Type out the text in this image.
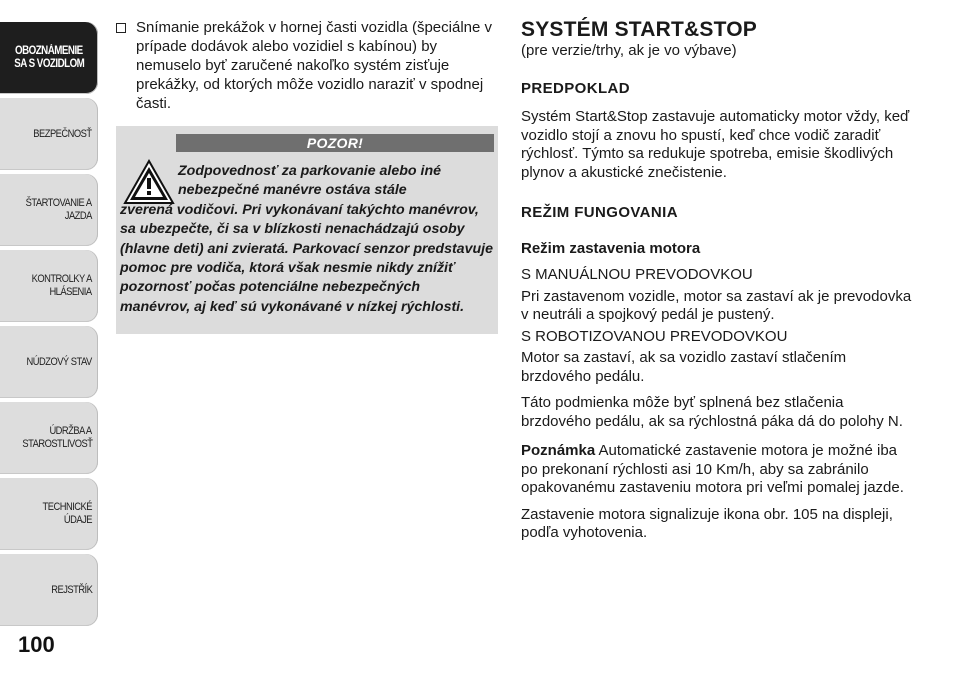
OBOZNÁMENIE
SA S VOZIDLOM
BEZPEČNOSŤ
ŠTARTOVANIE A
JAZDA
KONTROLKY A
HLÁSENIA
NÚDZOVÝ STAV
ÚDRŽBA A
STAROSTLIVOSŤ
TECHNICKÉ ÚDAJE
REJSTŘÍK
100
Snímanie prekážok v hornej časti vozidla (špeciálne v prípade dodávok alebo vozidiel s kabínou) by nemuselo byť zaručené nakoľko systém zisťuje prekážky, od ktorých môže vozidlo naraziť v spodnej časti.
POZOR!
Zodpovednosť za parkovanie alebo iné
nebezpečné manévre ostáva stále
zverená vodičovi. Pri vykonávaní takýchto manévrov, sa ubezpečte, či sa v blízkosti nenachádzajú osoby (hlavne deti) ani zvieratá. Parkovací senzor predstavuje pomoc pre vodiča, ktorá však nesmie nikdy znížiť pozornosť počas potenciálne nebezpečných manévrov, aj keď sú vykonávané v nízkej rýchlosti.
SYSTÉM START&STOP
(pre verzie/trhy, ak je vo výbave)
PREDPOKLAD
Systém Start&Stop zastavuje automaticky motor vždy, keď vozidlo stojí a znovu ho spustí, keď chce vodič zaradiť rýchlosť. Týmto sa redukuje spotreba, emisie škodlivých plynov a akustické znečistenie.
REŽIM FUNGOVANIA
Režim zastavenia motora
S MANUÁLNOU PREVODOVKOU
Pri zastavenom vozidle, motor sa zastaví ak je prevodovka v neutráli a spojkový pedál je pustený.
S ROBOTIZOVANOU PREVODOVKOU
Motor sa zastaví, ak sa vozidlo zastaví stlačením brzdového pedálu.
Táto podmienka môže byť splnená bez stlačenia brzdového pedálu, ak sa rýchlostná páka dá do polohy N.
Poznámka Automatické zastavenie motora je možné iba po prekonaní rýchlosti asi 10 Km/h, aby sa zabránilo opakovanému zastaveniu motora pri veľmi pomalej jazde.
Zastavenie motora signalizuje ikona obr. 105 na displeji, podľa vyhotovenia.
